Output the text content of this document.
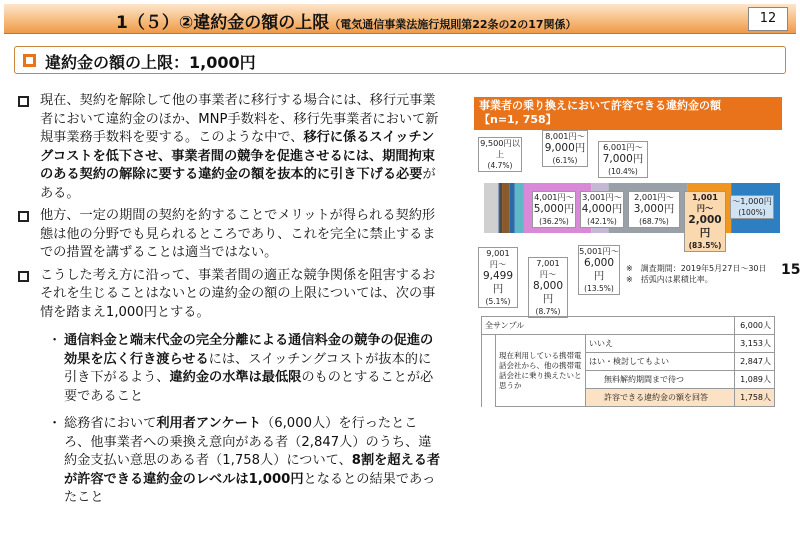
1（５）②違約金の額の上限（電気通信事業法施行規則第22条の2の17関係）	12
違約金の額の上限：1,000円
現在、契約を解除して他の事業者に移行する場合には、移行元事業者において違約金のほか、MNP手数料を、移行先事業者において新規事業務手数料を要する。このような中で、移行に係るスイッチングコストを低下させ、事業者間の競争を促進させるには、期間拘束のある契約の解除に要する違約金の額を抜本的に引き下げる必要がある。
他方、一定の期間の契約を約することでメリットが得られる契約形態は他の分野でも見られるところであり、これを完全に禁止するまでの措置を講ずることは適当ではない。
こうした考え方に沿って、事業者間の適正な競争関係を阻害するおそれを生じることはないとの違約金の額の上限については、次の事情を踏まえ1,000円とする。
・ 通信料金と端末代金の完全分離による通信料金の競争の促進の効果を広く行き渡らせるには、スイッチングコストが抜本的に引き下がるよう、違約金の水準は最低限のものとすることが必要であること
・ 総務省において利用者アンケート（6,000人）を行ったところ、他事業者への乗換え意向がある者（2,847人）のうち、違約金支払い意思のある者（1,758人）について、8割を超える者が許容できる違約金のレベルは1,000円となるとの結果であったこと
事業者の乗り換えにおいて許容できる違約金の額
【n=1, 758】
9,500円以上
(4.7%)
9,001円〜
9,499円
(5.1%)
8,001円〜
9,000円
(6.1%)
7,001円〜
8,000円
(8.7%)
6,001円〜
7,000円
(10.4%)
5,001円〜
6,000円
(13.5%)
4,001円〜
5,000円
(36.2%)
3,001円〜
4,000円
(42.1%)
2,001円〜
3,000円
(68.7%)
1,001円〜
2,000円
(83.5%)
〜1,000円
(100%)
※　調査期間：2019年5月27日〜30日
※　括弧内は累積比率。
15
全サンプル			6,000人
	現在利用している携帯電話会社から、他の携帯電話会社に乗り換えたいと思うか	いいえ	3,153人
		はい・検討してもよい	2,847人
		無料解約期間まで待つ	1,089人
		許容できる違約金の額を回答	1,758人
